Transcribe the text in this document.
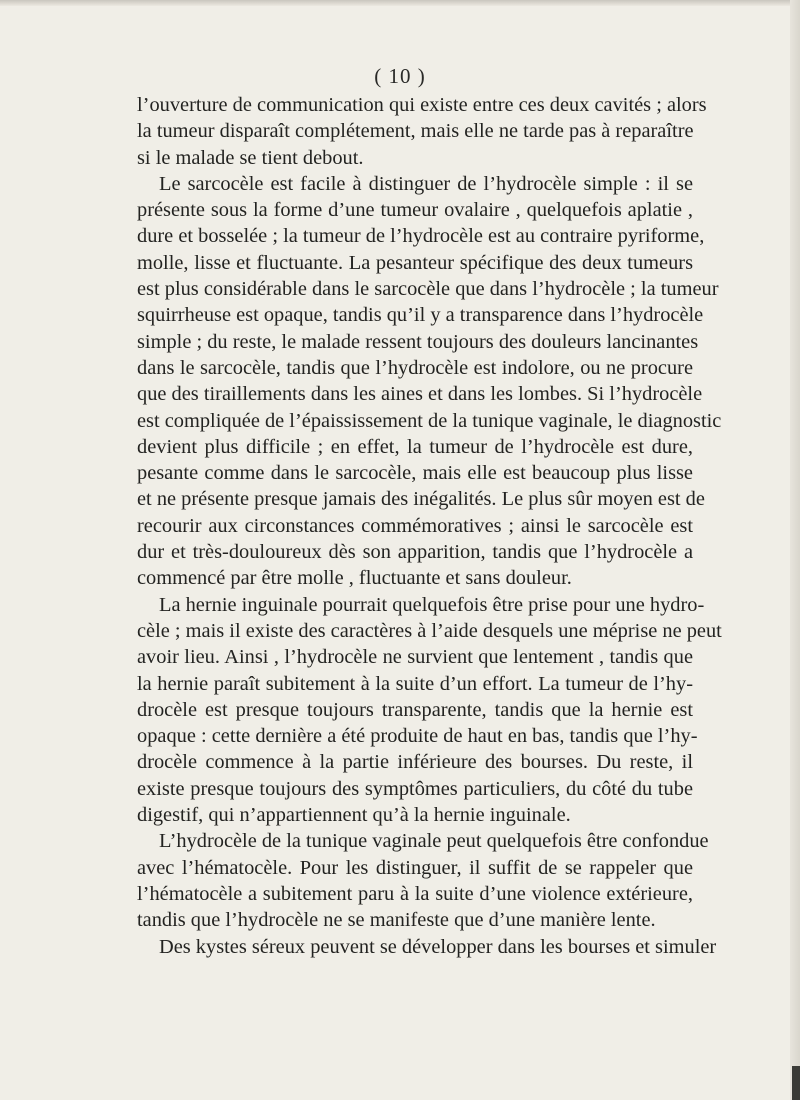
( 10 )
l’ouverture de communication qui existe entre ces deux cavités ; alors
la tumeur disparaît complétement, mais elle ne tarde pas à reparaître
si le malade se tient debout.
Le sarcocèle est facile à distinguer de l’hydrocèle simple : il se
présente sous la forme d’une tumeur ovalaire , quelquefois aplatie ,
dure et bosselée ; la tumeur de l’hydrocèle est au contraire pyriforme,
molle, lisse et fluctuante. La pesanteur spécifique des deux tumeurs
est plus considérable dans le sarcocèle que dans l’hydrocèle ; la tumeur
squirrheuse est opaque, tandis qu’il y a transparence dans l’hydrocèle
simple ; du reste, le malade ressent toujours des douleurs lancinantes
dans le sarcocèle, tandis que l’hydrocèle est indolore, ou ne procure
que des tiraillements dans les aines et dans les lombes. Si l’hydrocèle
est compliquée de l’épaississement de la tunique vaginale, le diagnostic
devient plus difficile ; en effet, la tumeur de l’hydrocèle est dure,
pesante comme dans le sarcocèle, mais elle est beaucoup plus lisse
et ne présente presque jamais des inégalités. Le plus sûr moyen est de
recourir aux circonstances commémoratives ; ainsi le sarcocèle est
dur et très-douloureux dès son apparition, tandis que l’hydrocèle a
commencé par être molle , fluctuante et sans douleur.
La hernie inguinale pourrait quelquefois être prise pour une hydro-
cèle ; mais il existe des caractères à l’aide desquels une méprise ne peut
avoir lieu. Ainsi , l’hydrocèle ne survient que lentement , tandis que
la hernie paraît subitement à la suite d’un effort. La tumeur de l’hy-
drocèle est presque toujours transparente, tandis que la hernie est
opaque : cette dernière a été produite de haut en bas, tandis que l’hy-
drocèle commence à la partie inférieure des bourses. Du reste, il
existe presque toujours des symptômes particuliers, du côté du tube
digestif, qui n’appartiennent qu’à la hernie inguinale.
L’hydrocèle de la tunique vaginale peut quelquefois être confondue
avec l’hématocèle. Pour les distinguer, il suffit de se rappeler que
l’hématocèle a subitement paru à la suite d’une violence extérieure,
tandis que l’hydrocèle ne se manifeste que d’une manière lente.
Des kystes séreux peuvent se développer dans les bourses et simuler
